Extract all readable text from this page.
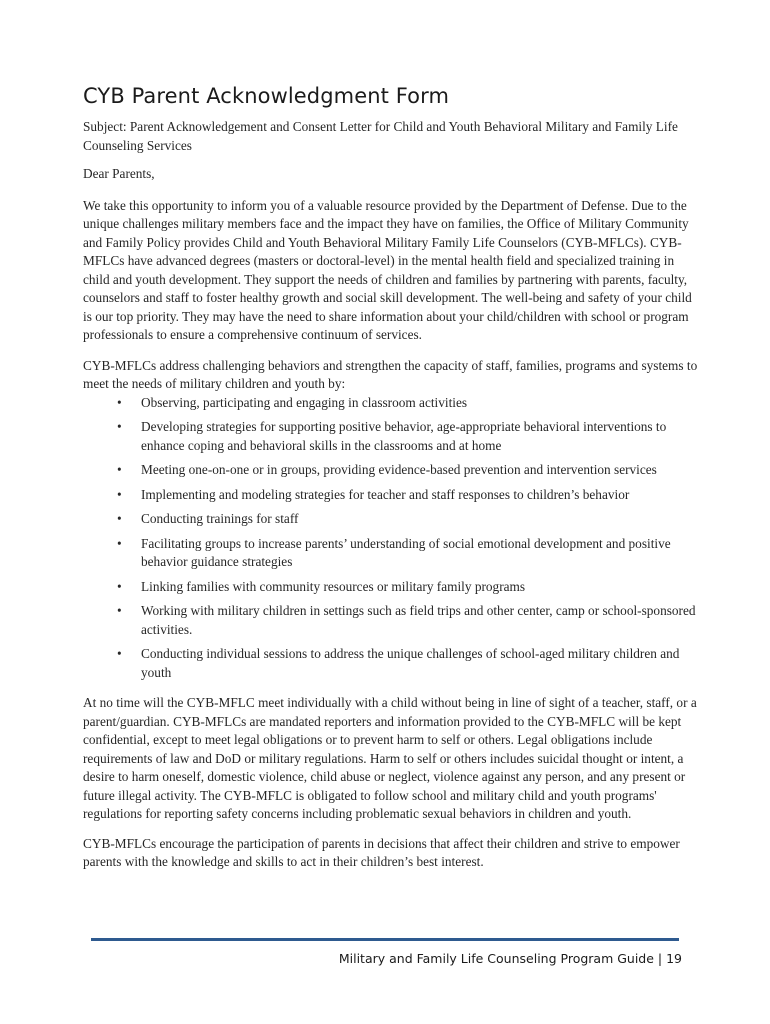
CYB Parent Acknowledgment Form

Subject: Parent Acknowledgement and Consent Letter for Child and Youth Behavioral Military and Family Life Counseling Services

Dear Parents,

We take this opportunity to inform you of a valuable resource provided by the Department of Defense. Due to the unique challenges military members face and the impact they have on families, the Office of Military Community and Family Policy provides Child and Youth Behavioral Military Family Life Counselors (CYB-MFLCs). CYB-MFLCs have advanced degrees (masters or doctoral-level) in the mental health field and specialized training in child and youth development. They support the needs of children and families by partnering with parents, faculty, counselors and staff to foster healthy growth and social skill development. The well-being and safety of your child is our top priority. They may have the need to share information about your child/children with school or program professionals to ensure a comprehensive continuum of services.

CYB-MFLCs address challenging behaviors and strengthen the capacity of staff, families, programs and systems to meet the needs of military children and youth by:

• Observing, participating and engaging in classroom activities
• Developing strategies for supporting positive behavior, age-appropriate behavioral interventions to enhance coping and behavioral skills in the classrooms and at home
• Meeting one-on-one or in groups, providing evidence-based prevention and intervention services
• Implementing and modeling strategies for teacher and staff responses to children’s behavior
• Conducting trainings for staff
• Facilitating groups to increase parents’ understanding of social emotional development and positive behavior guidance strategies
• Linking families with community resources or military family programs
• Working with military children in settings such as field trips and other center, camp or school-sponsored activities.
• Conducting individual sessions to address the unique challenges of school-aged military children and youth

At no time will the CYB-MFLC meet individually with a child without being in line of sight of a teacher, staff, or a parent/guardian. CYB-MFLCs are mandated reporters and information provided to the CYB-MFLC will be kept confidential, except to meet legal obligations or to prevent harm to self or others. Legal obligations include requirements of law and DoD or military regulations. Harm to self or others includes suicidal thought or intent, a desire to harm oneself, domestic violence, child abuse or neglect, violence against any person, and any present or future illegal activity. The CYB-MFLC is obligated to follow school and military child and youth programs' regulations for reporting safety concerns including problematic sexual behaviors in children and youth.

CYB-MFLCs encourage the participation of parents in decisions that affect their children and strive to empower parents with the knowledge and skills to act in their children’s best interest.

Military and Family Life Counseling Program Guide | 19
